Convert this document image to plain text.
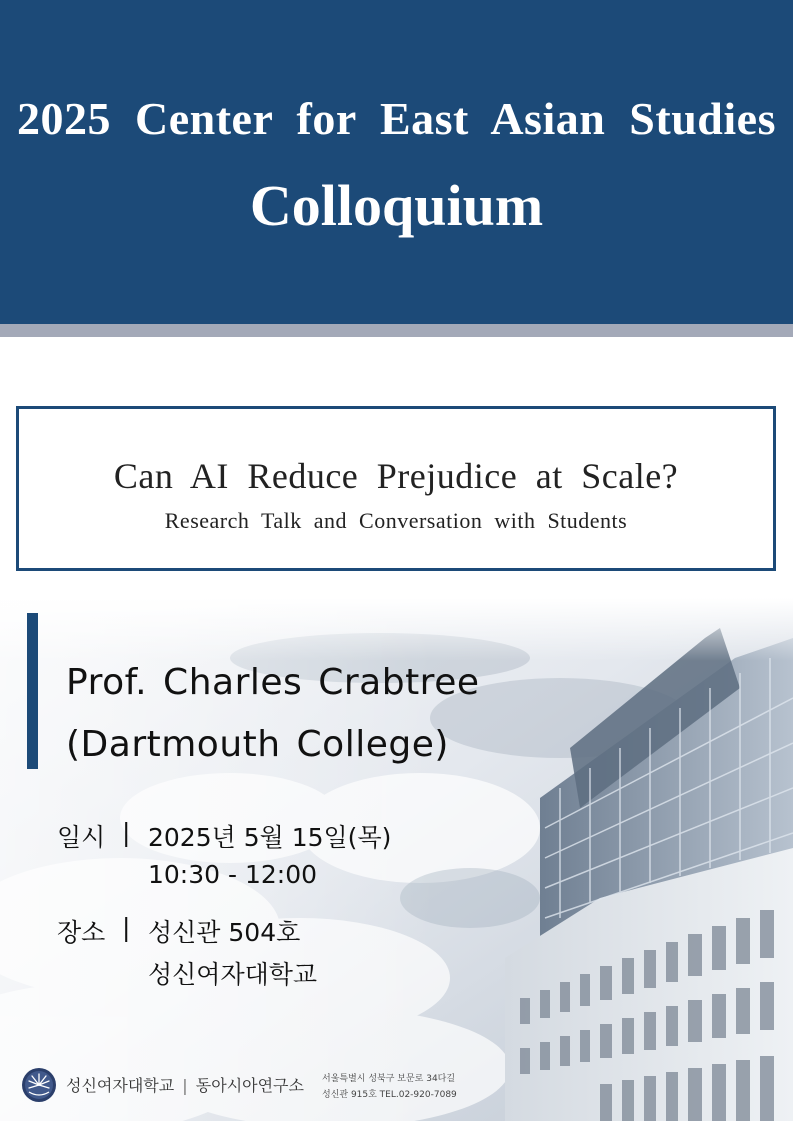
2025 Center for East Asian Studies
Colloquium
Can AI Reduce Prejudice at Scale?
Research Talk and Conversation with Students
Prof. Charles Crabtree
(Dartmouth College)
일시 | 2025년 5월 15일(목)
10:30 - 12:00
장소 | 성신관 504호
성신여자대학교
성신여자대학교 | 동아시아연구소 서울특별시 성북구 보문로 34다길
성신관 915호 TEL.02-920-7089
